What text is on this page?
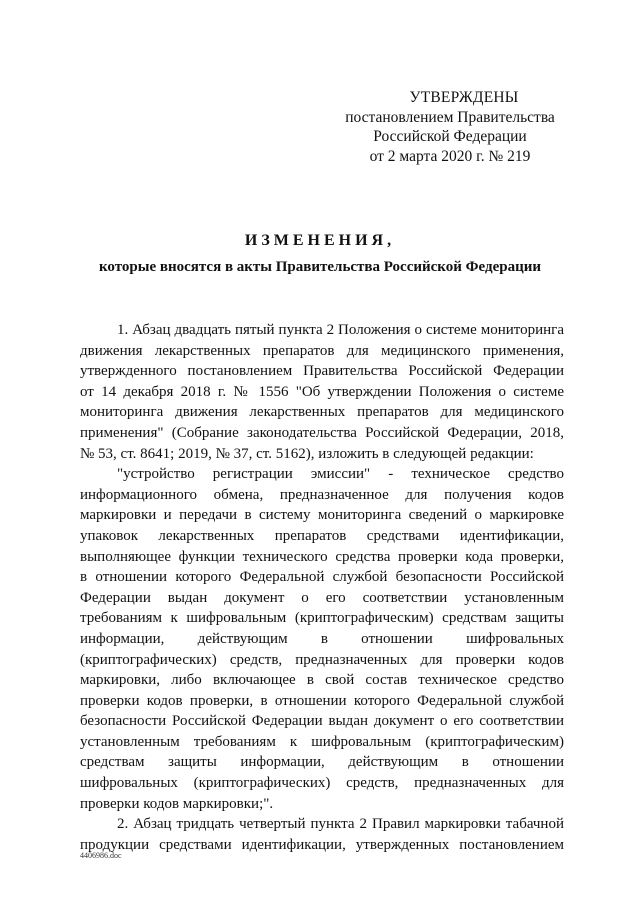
УТВЕРЖДЕНЫ
постановлением Правительства
Российской Федерации
от 2 марта 2020 г. № 219
ИЗМЕНЕНИЯ,
которые вносятся в акты Правительства Российской Федерации
1. Абзац двадцать пятый пункта 2 Положения о системе мониторинга
движения лекарственных препаратов для медицинского применения,
утвержденного постановлением Правительства Российской Федерации
от 14 декабря 2018 г. № 1556 "Об утверждении Положения о системе
мониторинга движения лекарственных препаратов для медицинского
применения" (Собрание законодательства Российской Федерации, 2018,
№ 53, ст. 8641; 2019, № 37, ст. 5162), изложить в следующей редакции:
"устройство регистрации эмиссии" - техническое средство
информационного обмена, предназначенное для получения кодов
маркировки и передачи в систему мониторинга сведений о маркировке
упаковок лекарственных препаратов средствами идентификации,
выполняющее функции технического средства проверки кода проверки,
в отношении которого Федеральной службой безопасности Российской
Федерации выдан документ о его соответствии установленным
требованиям к шифровальным (криптографическим) средствам защиты
информации, действующим в отношении шифровальных
(криптографических) средств, предназначенных для проверки кодов
маркировки, либо включающее в свой состав техническое средство
проверки кодов проверки, в отношении которого Федеральной службой
безопасности Российской Федерации выдан документ о его соответствии
установленным требованиям к шифровальным (криптографическим)
средствам защиты информации, действующим в отношении
шифровальных (криптографических) средств, предназначенных для
проверки кодов маркировки;".
2. Абзац тридцать четвертый пункта 2 Правил маркировки табачной
продукции средствами идентификации, утвержденных постановлением
4406986.doc
